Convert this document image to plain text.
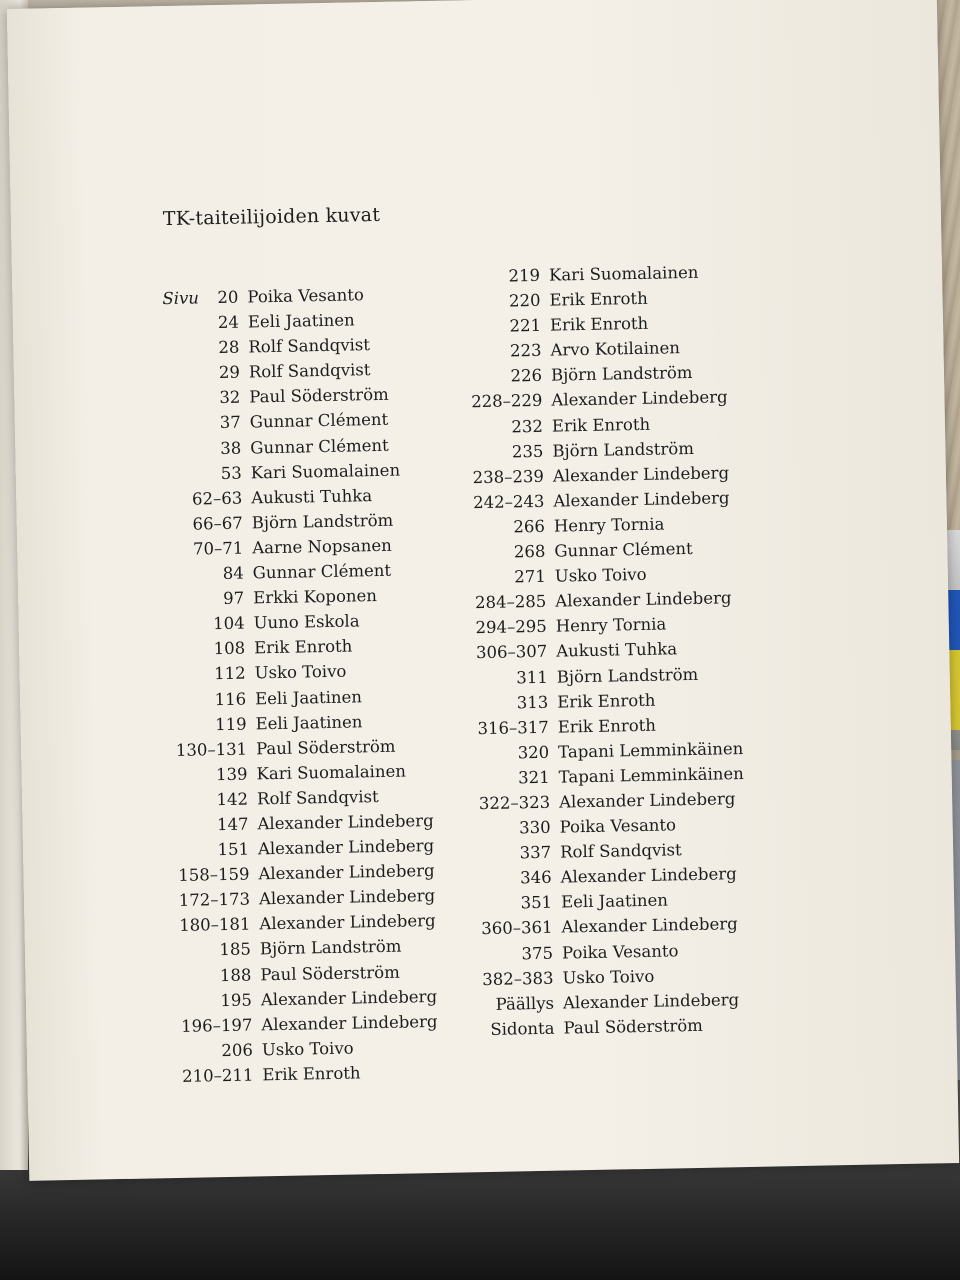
TK-taiteilijoiden kuvat
Sivu 20 Poika Vesanto
24 Eeli Jaatinen
28 Rolf Sandqvist
29 Rolf Sandqvist
32 Paul Söderström
37 Gunnar Clément
38 Gunnar Clément
53 Kari Suomalainen
62–63 Aukusti Tuhka
66–67 Björn Landström
70–71 Aarne Nopsanen
84 Gunnar Clément
97 Erkki Koponen
104 Uuno Eskola
108 Erik Enroth
112 Usko Toivo
116 Eeli Jaatinen
119 Eeli Jaatinen
130–131 Paul Söderström
139 Kari Suomalainen
142 Rolf Sandqvist
147 Alexander Lindeberg
151 Alexander Lindeberg
158–159 Alexander Lindeberg
172–173 Alexander Lindeberg
180–181 Alexander Lindeberg
185 Björn Landström
188 Paul Söderström
195 Alexander Lindeberg
196–197 Alexander Lindeberg
206 Usko Toivo
210–211 Erik Enroth
219 Kari Suomalainen
220 Erik Enroth
221 Erik Enroth
223 Arvo Kotilainen
226 Björn Landström
228–229 Alexander Lindeberg
232 Erik Enroth
235 Björn Landström
238–239 Alexander Lindeberg
242–243 Alexander Lindeberg
266 Henry Tornia
268 Gunnar Clément
271 Usko Toivo
284–285 Alexander Lindeberg
294–295 Henry Tornia
306–307 Aukusti Tuhka
311 Björn Landström
313 Erik Enroth
316–317 Erik Enroth
320 Tapani Lemminkäinen
321 Tapani Lemminkäinen
322–323 Alexander Lindeberg
330 Poika Vesanto
337 Rolf Sandqvist
346 Alexander Lindeberg
351 Eeli Jaatinen
360–361 Alexander Lindeberg
375 Poika Vesanto
382–383 Usko Toivo
Päällys Alexander Lindeberg
Sidonta Paul Söderström
